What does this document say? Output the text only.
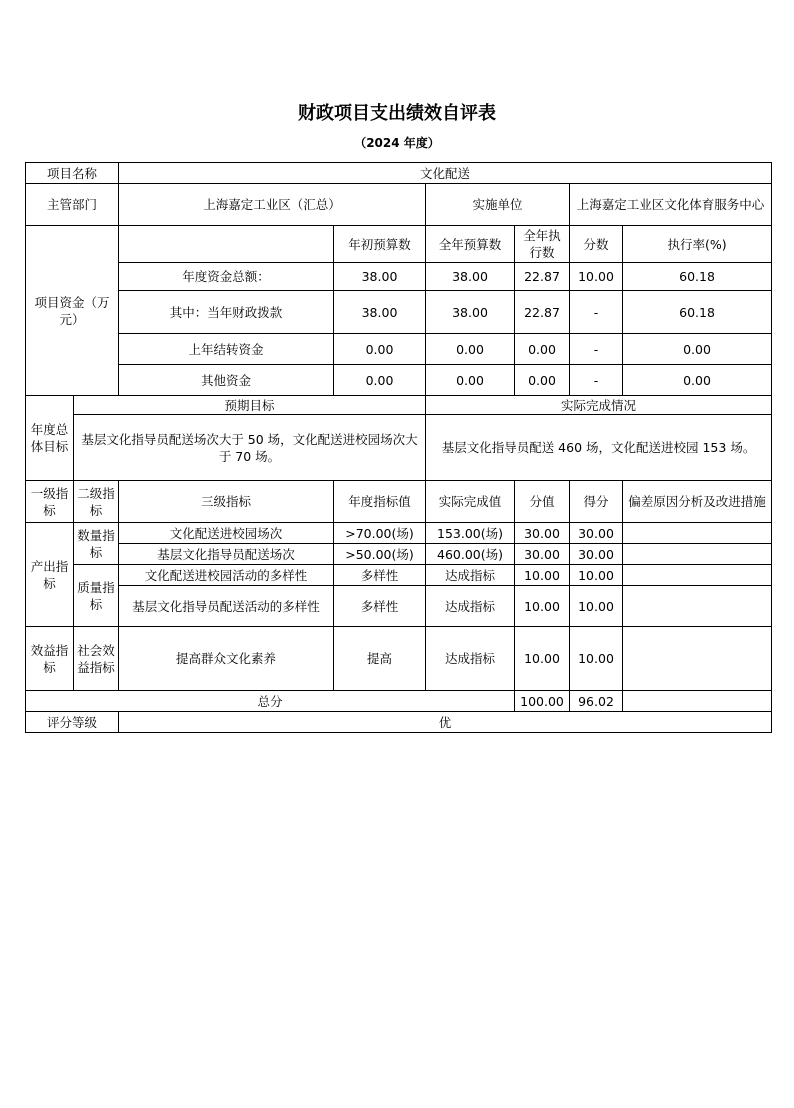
财政项目支出绩效自评表
（2024 年度）
项目名称		文化配送						
主管部门		上海嘉定工业区（汇总）		实施单位		上海嘉定工业区文化体育服务中心		
项目资金（万元）			年初预算数	全年预算数	全年执行数	分数	执行率(%)	
		年度资金总额：	38.00	38.00	22.87	10.00	60.18	
		其中：当年财政拨款	38.00	38.00	22.87	-	60.18	
		上年结转资金	0.00	0.00	0.00	-	0.00	
		其他资金	0.00	0.00	0.00	-	0.00	
年度总体目标	预期目标			实际完成情况				
	基层文化指导员配送场次大于 50 场，文化配送进校园场次大于 70 场。			基层文化指导员配送 460 场，文化配送进校园 153 场。				
一级指标	二级指标	三级指标	年度指标值	实际完成值	分值	得分	偏差原因分析及改进措施	
产出指标	数量指标	文化配送进校园场次	>70.00(场)	153.00(场)	30.00	30.00		
		基层文化指导员配送场次	>50.00(场)	460.00(场)	30.00	30.00		
	质量指标	文化配送进校园活动的多样性	多样性	达成指标	10.00	10.00		
		基层文化指导员配送活动的多样性	多样性	达成指标	10.00	10.00		
效益指标	社会效益指标	提高群众文化素养	提高	达成指标	10.00	10.00		
总分					100.00	96.02		
评分等级		优						
